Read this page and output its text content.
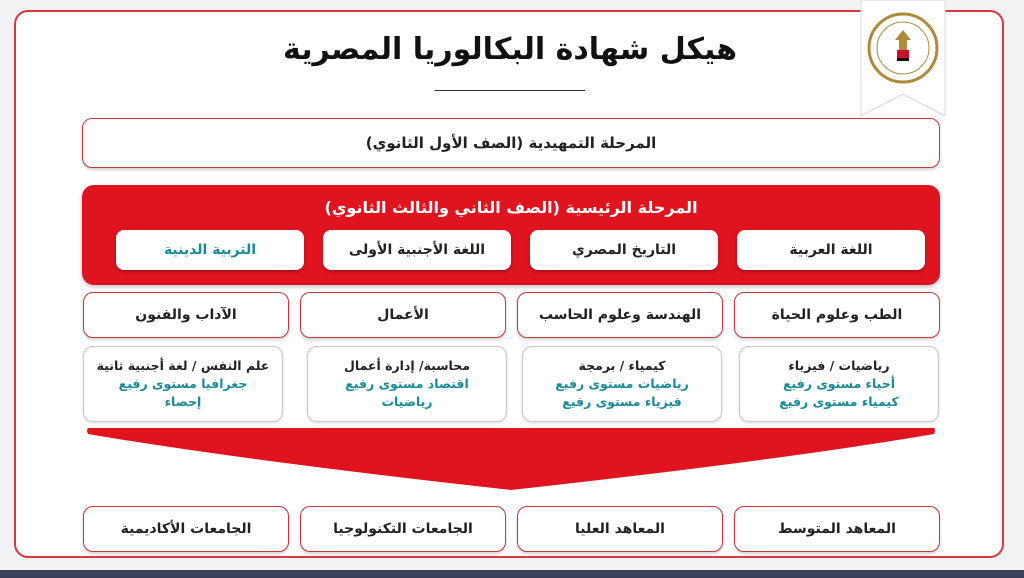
هيكل شهادة البكالوريا المصرية
المرحلة التمهيدية (الصف الأول الثانوي)
المرحلة الرئيسية (الصف الثاني والثالث الثانوي)
اللغة العربية
التاريخ المصري
اللغة الأجنبية الأولى
التربية الدينية
الطب وعلوم الحياة
الهندسة وعلوم الحاسب
الأعمال
الآداب والفنون
رياضيات / فيزياء
أحياء مستوى رفيع
كيمياء مستوى رفيع
كيمياء / برمجة
رياضيات مستوى رفيع
فيزياء مستوى رفيع
محاسبة/ إدارة أعمال
اقتصاد مستوى رفيع
رياضيات
علم النفس / لغة أجنبية ثانية
جغرافيا مستوى رفيع
إحصاء
المعاهد المتوسط
المعاهد العليا
الجامعات التكنولوجيا
الجامعات الأكاديمية
